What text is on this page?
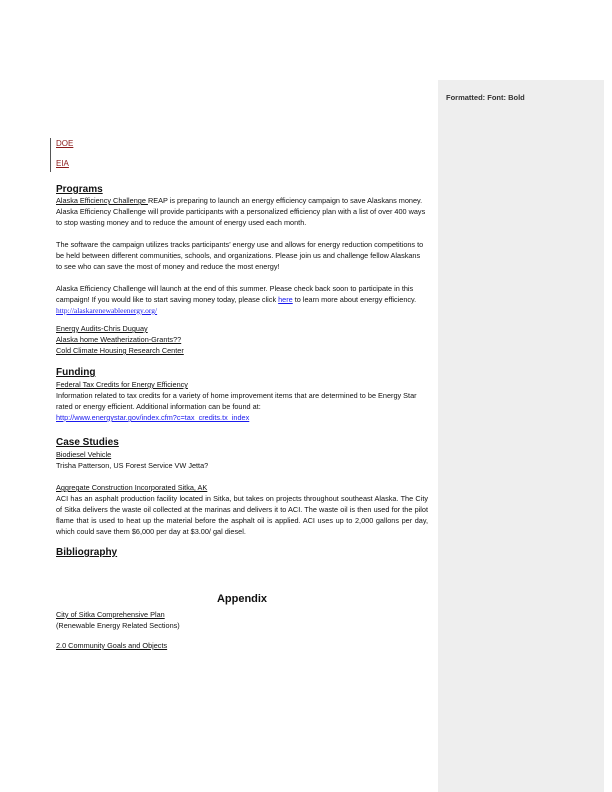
Formatted: Font: Bold
DOE
EIA
Programs

Alaska Efficiency Challenge REAP is preparing to launch an energy efficiency campaign to save Alaskans money. Alaska Efficiency Challenge will provide participants with a personalized efficiency plan with a list of over 400 ways to stop wasting money and to reduce the amount of energy used each month.

The software the campaign utilizes tracks participants’ energy use and allows for energy reduction competitions to be held between different communities, schools, and organizations. Please join us and challenge fellow Alaskans to see who can save the most of money and reduce the most energy!

Alaska Efficiency Challenge will launch at the end of this summer. Please check back soon to participate in this campaign! If you would like to start saving money today, please click here to learn more about energy efficiency. http://alaskarenewableenergy.org/

Energy Audits-Chris Duguay
Alaska home Weatherization-Grants??
Cold Climate Housing Research Center
Funding
Federal Tax Credits for Energy Efficiency

Information related to tax credits for a variety of home improvement items that are determined to be Energy Star rated or energy efficient. Additional information can be found at:

http://www.energystar.gov/index.cfm?c=tax_credits.tx_index
Case Studies
Biodiesel Vehicle
Trisha Patterson, US Forest Service VW Jetta?
Aggregate Construction Incorporated Sitka, AK

ACI has an asphalt production facility located in Sitka, but takes on projects throughout southeast Alaska. The City of Sitka delivers the waste oil collected at the marinas and delivers it to ACI. The waste oil is then used for the pilot flame that is used to heat up the material before the asphalt oil is applied. ACI uses up to 2,000 gallons per day, which could save them $6,000 per day at $3.00/ gal diesel.

Bibliography
Appendix
City of Sitka Comprehensive Plan
(Renewable Energy Related Sections)
2.0 Community Goals and Objects
